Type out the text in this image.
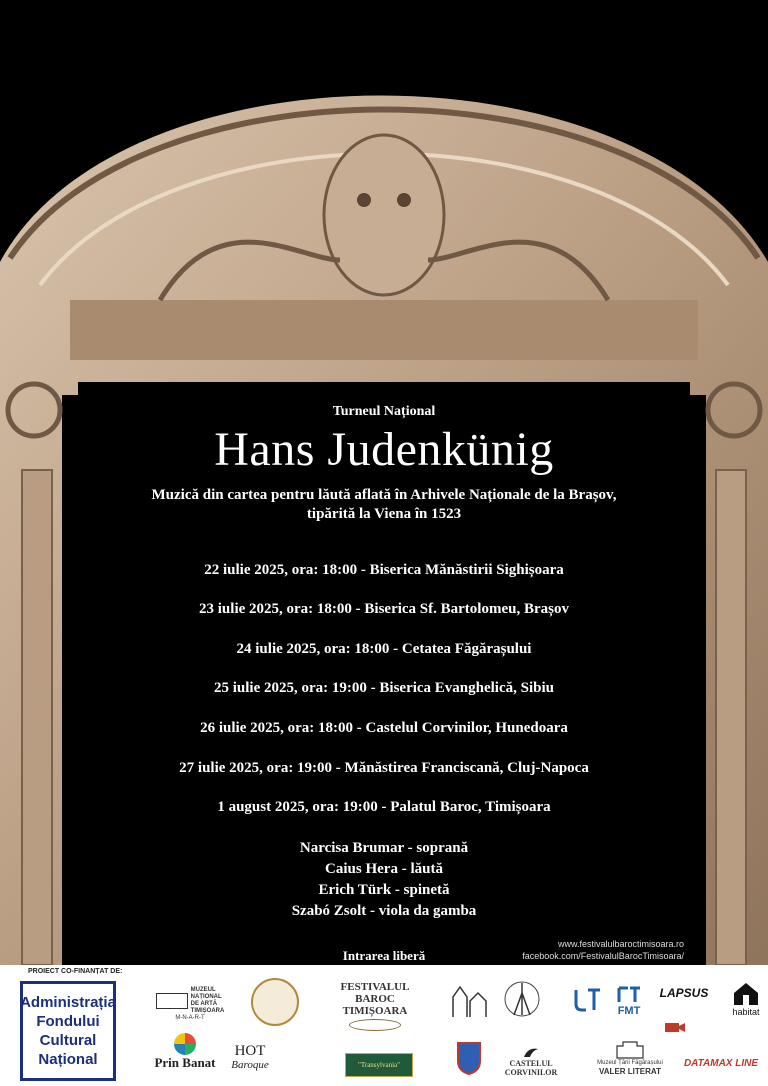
Turneul Național
Hans Judenkünig
Muzică din cartea pentru lăută aflată în Arhivele Naționale de la Brașov,
tipărită la Viena în 1523
22 iulie 2025, ora: 18:00 - Biserica Mănăstirii Sighișoara
23 iulie 2025, ora: 18:00 - Biserica Sf. Bartolomeu, Brașov
24 iulie 2025, ora: 18:00 - Cetatea Făgărașului
25 iulie 2025, ora: 19:00 - Biserica Evanghelică, Sibiu
26 iulie 2025, ora: 18:00 - Castelul Corvinilor, Hunedoara
27 iulie 2025, ora: 19:00 - Mănăstirea Franciscană, Cluj-Napoca
1 august 2025, ora: 19:00 - Palatul Baroc, Timișoara
Narcisa Brumar - soprană
Caius Hera - lăută
Erich Türk - spinetă
Szabó Zsolt - viola da gamba
Intrarea liberă
www.festivalulbaroctimisoara.ro
facebook.com/FestivalulBarocTimisoara/
PROIECT CO-FINANȚAT DE:
Administrația
Fondului
Cultural
Național
MUZEUL
NAȚIONAL
DE ARTĂ
TIMIȘOARA
M-N-A-R-T
FESTIVALUL BAROC
TIMIȘOARA	FMT
LAPSUS
habitat
Prin Banat
HOT
Baroque	"Transylvania"	CASTELUL CORVINILOR
Muzeul Țării Făgărașului
VALER LITERAT
DATAMAX LINE
